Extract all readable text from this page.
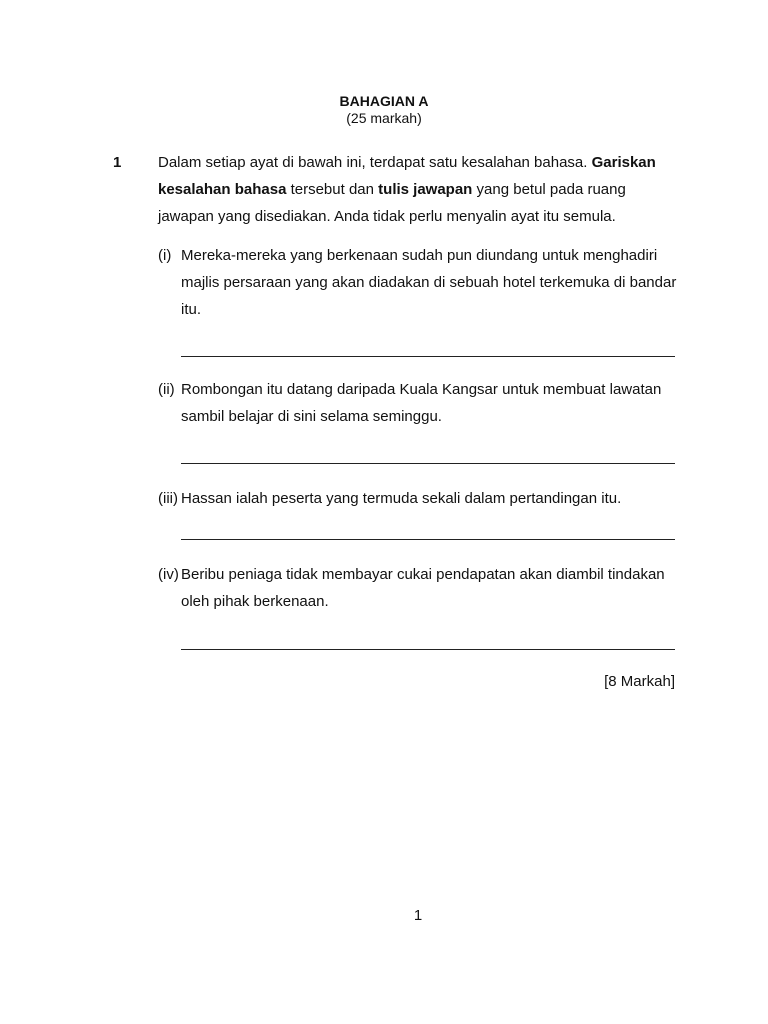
BAHAGIAN A
(25 markah)
1 Dalam setiap ayat di bawah ini, terdapat satu kesalahan bahasa. Gariskan kesalahan bahasa tersebut dan tulis jawapan yang betul pada ruang jawapan yang disediakan. Anda tidak perlu menyalin ayat itu semula.
(i) Mereka-mereka yang berkenaan sudah pun diundang untuk menghadiri majlis persaraan yang akan diadakan di sebuah hotel terkemuka di bandar itu.
(ii) Rombongan itu datang daripada Kuala Kangsar untuk membuat lawatan sambil belajar di sini selama seminggu.
(iii) Hassan ialah peserta yang termuda sekali dalam pertandingan itu.
(iv) Beribu peniaga tidak membayar cukai pendapatan akan diambil tindakan oleh pihak berkenaan.
[8 Markah]
1
